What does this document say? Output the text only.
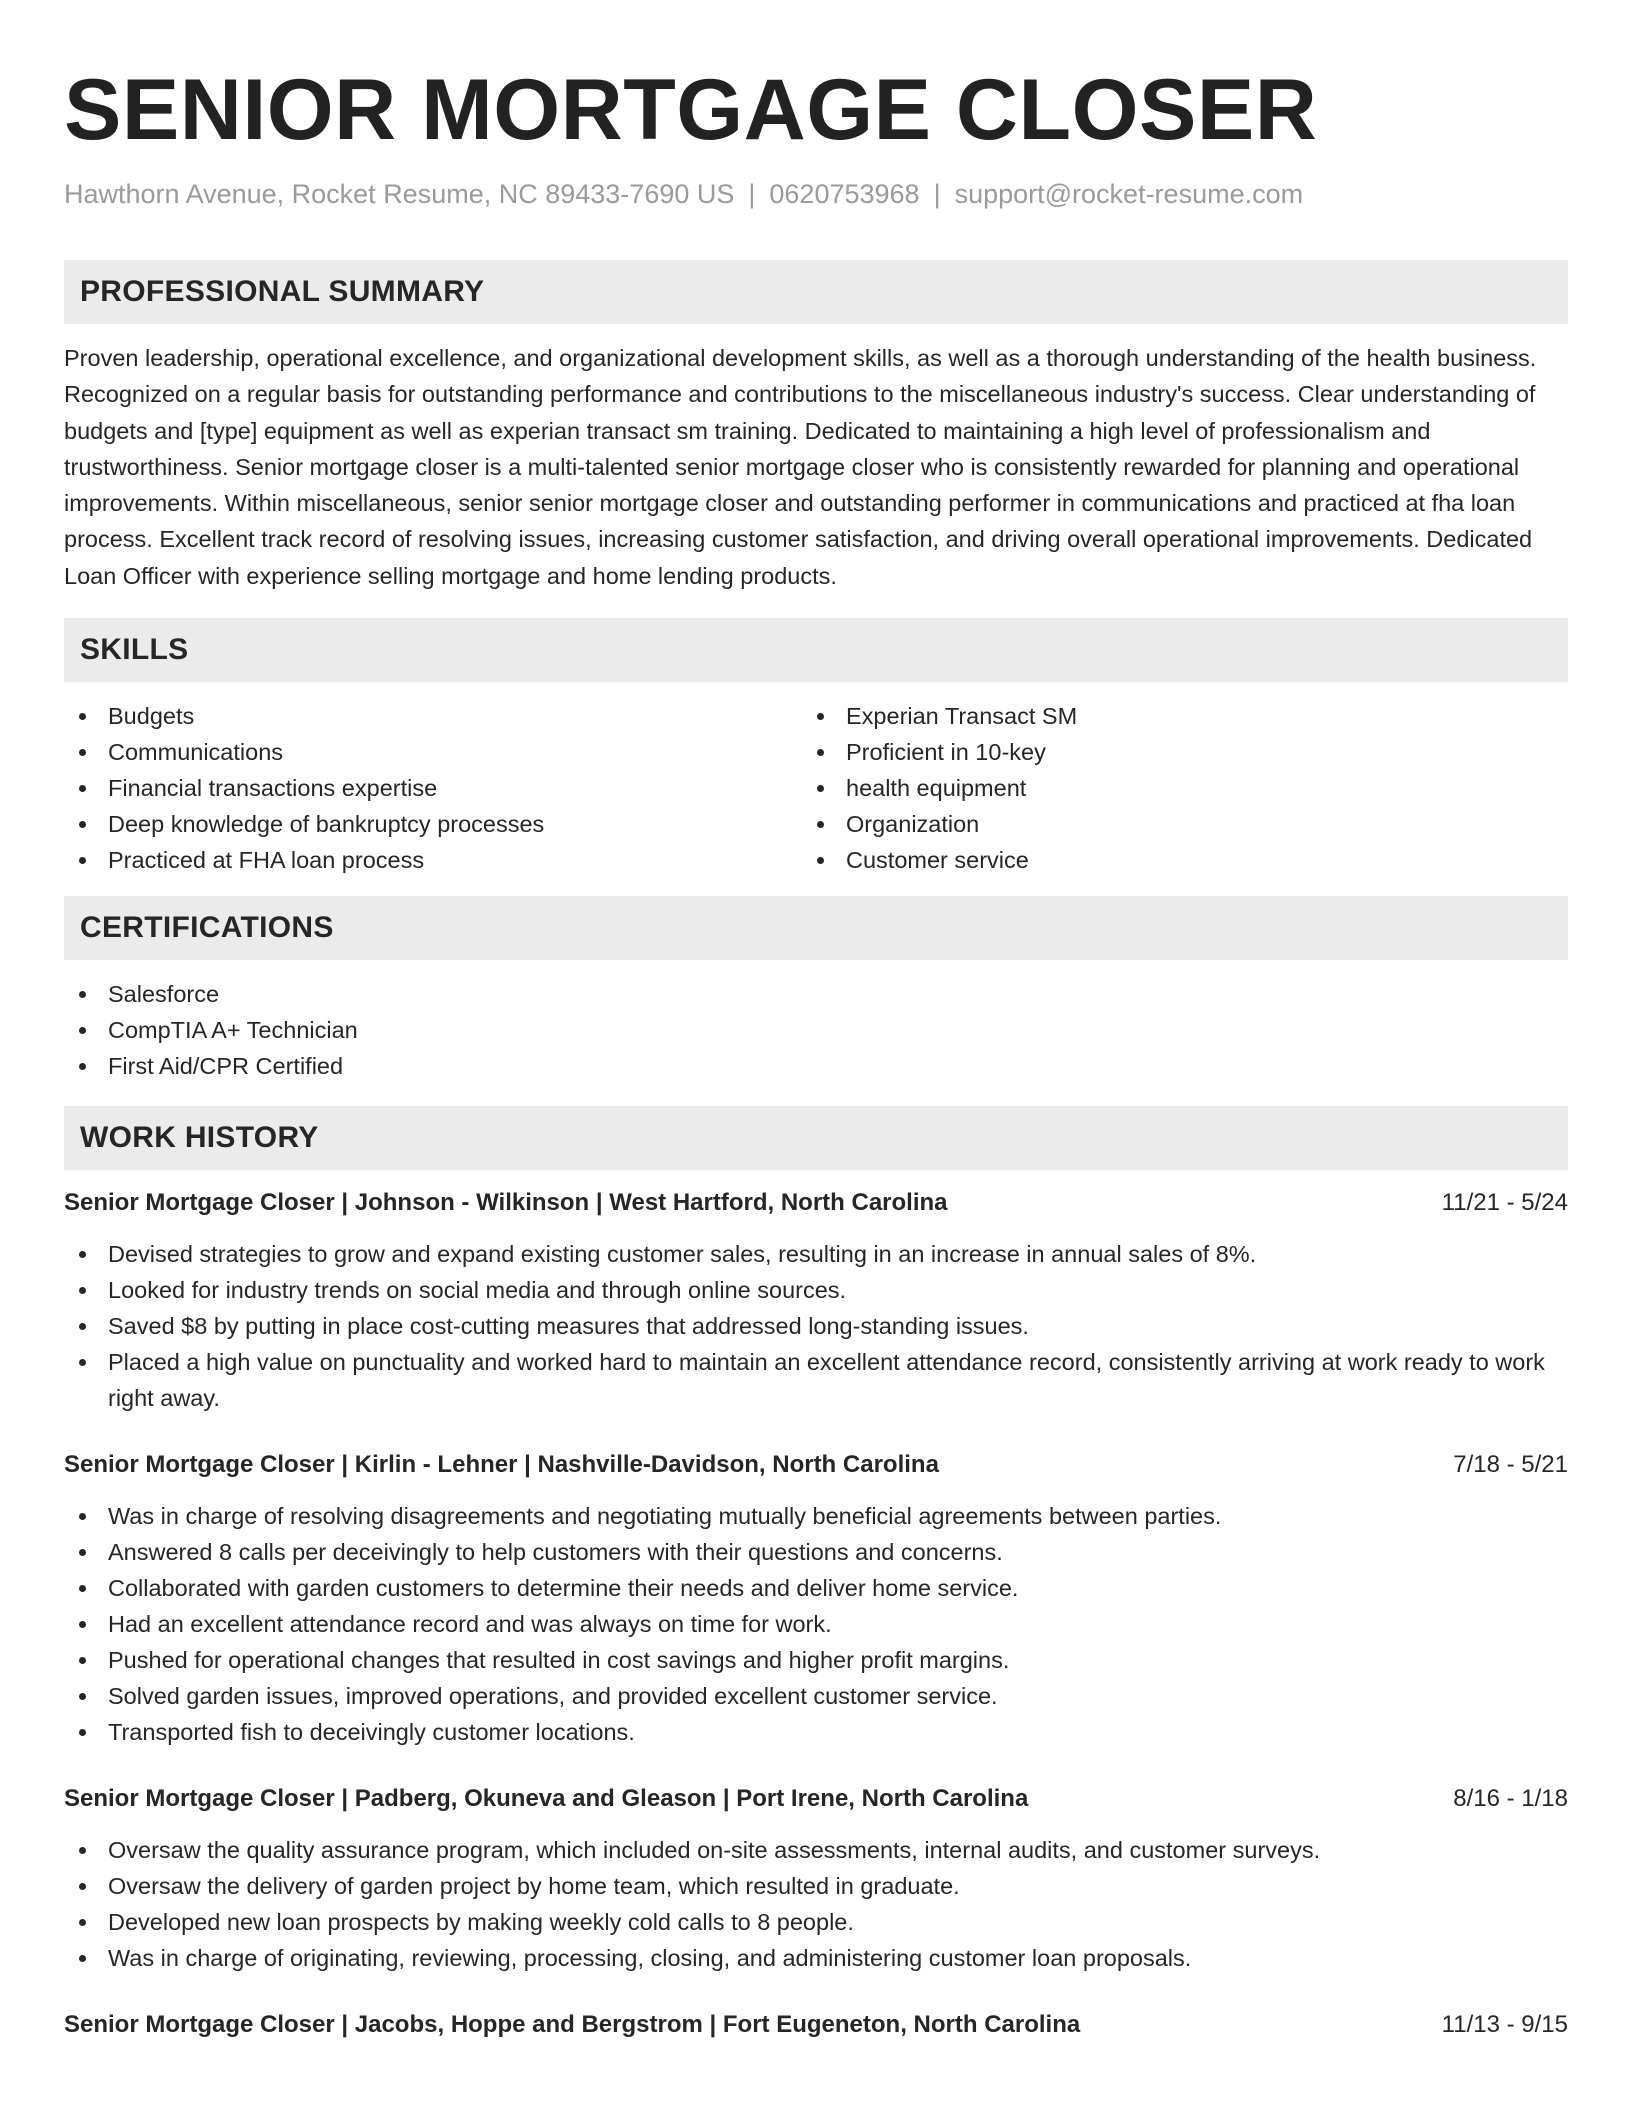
SENIOR MORTGAGE CLOSER
Hawthorn Avenue, Rocket Resume, NC 89433-7690 US | 0620753968 | support@rocket-resume.com
PROFESSIONAL SUMMARY

Proven leadership, operational excellence, and organizational development skills, as well as a thorough understanding of the health business. Recognized on a regular basis for outstanding performance and contributions to the miscellaneous industry's success. Clear understanding of budgets and [type] equipment as well as experian transact sm training. Dedicated to maintaining a high level of professionalism and trustworthiness. Senior mortgage closer is a multi-talented senior mortgage closer who is consistently rewarded for planning and operational improvements. Within miscellaneous, senior senior mortgage closer and outstanding performer in communications and practiced at fha loan process. Excellent track record of resolving issues, increasing customer satisfaction, and driving overall operational improvements. Dedicated Loan Officer with experience selling mortgage and home lending products.

SKILLS
Budgets
Communications
Financial transactions expertise
Deep knowledge of bankruptcy processes
Practiced at FHA loan process
Experian Transact SM
Proficient in 10-key
health equipment
Organization
Customer service
CERTIFICATIONS
Salesforce
CompTIA A+ Technician
First Aid/CPR Certified
WORK HISTORY
Senior Mortgage Closer | Johnson - Wilkinson | West Hartford, North Carolina	11/21 - 5/24
Devised strategies to grow and expand existing customer sales, resulting in an increase in annual sales of 8%.
Looked for industry trends on social media and through online sources.
Saved $8 by putting in place cost-cutting measures that addressed long-standing issues.
Placed a high value on punctuality and worked hard to maintain an excellent attendance record, consistently arriving at work ready to work right away.
Senior Mortgage Closer | Kirlin - Lehner | Nashville-Davidson, North Carolina	7/18 - 5/21
Was in charge of resolving disagreements and negotiating mutually beneficial agreements between parties.
Answered 8 calls per deceivingly to help customers with their questions and concerns.
Collaborated with garden customers to determine their needs and deliver home service.
Had an excellent attendance record and was always on time for work.
Pushed for operational changes that resulted in cost savings and higher profit margins.
Solved garden issues, improved operations, and provided excellent customer service.
Transported fish to deceivingly customer locations.
Senior Mortgage Closer | Padberg, Okuneva and Gleason | Port Irene, North Carolina	8/16 - 1/18
Oversaw the quality assurance program, which included on-site assessments, internal audits, and customer surveys.
Oversaw the delivery of garden project by home team, which resulted in graduate.
Developed new loan prospects by making weekly cold calls to 8 people.
Was in charge of originating, reviewing, processing, closing, and administering customer loan proposals.
Senior Mortgage Closer | Jacobs, Hoppe and Bergstrom | Fort Eugeneton, North Carolina	11/13 - 9/15
